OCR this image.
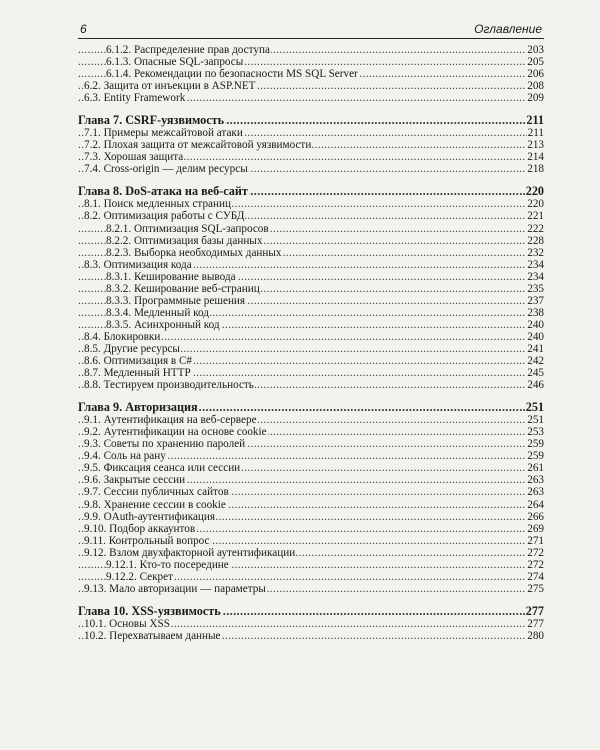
6	Оглавление
..... 6.1.2. Распределение прав доступа	203
..... 6.1.3. Опасные SQL-запросы	205
..... 6.1.4. Рекомендации по безопасности MS SQL Server	206
..... 6.2. Защита от инъекции в ASP.NET	208
..... 6.3. Entity Framework	209
..... Глава 7. CSRF-уязвимость	211
..... 7.1. Примеры межсайтовой атаки	211
..... 7.2. Плохая защита от межсайтовой уязвимости	213
..... 7.3. Хорошая защита	214
..... 7.4. Cross-origin — делим ресурсы	218
..... Глава 8. DoS-атака на веб-сайт	220
..... 8.1. Поиск медленных страниц	220
..... 8.2. Оптимизация работы с СУБД	221
..... 8.2.1. Оптимизация SQL-запросов	222
..... 8.2.2. Оптимизация базы данных	228
..... 8.2.3. Выборка необходимых данных	232
..... 8.3. Оптимизация кода	234
..... 8.3.1. Кеширование вывода	234
..... 8.3.2. Кеширование веб-страниц	235
..... 8.3.3. Программные решения	237
..... 8.3.4. Медленный код	238
..... 8.3.5. Асинхронный код	240
..... 8.4. Блокировки	240
..... 8.5. Другие ресурсы	241
..... 8.6. Оптимизация в C#	242
..... 8.7. Медленный HTTP	245
..... 8.8. Тестируем производительность	246
..... Глава 9. Авторизация	251
..... 9.1. Аутентификация на веб-сервере	251
..... 9.2. Аутентификации на основе cookie	253
..... 9.3. Советы по хранению паролей	259
..... 9.4. Соль на рану	259
..... 9.5. Фиксация сеанса или сессии	261
..... 9.6. Закрытые сессии	263
..... 9.7. Сессии публичных сайтов	263
..... 9.8. Хранение сессии в cookie	264
..... 9.9. OAuth-аутентификация	266
..... 9.10. Подбор аккаунтов	269
..... 9.11. Контрольный вопрос	271
..... 9.12. Взлом двухфакторной аутентификации	272
..... 9.12.1. Кто-то посередине	272
..... 9.12.2. Секрет	274
..... 9.13. Мало авторизации — параметры	275
..... Глава 10. XSS-уязвимость	277
..... 10.1. Основы XSS	277
..... 10.2. Перехватываем данные	280
